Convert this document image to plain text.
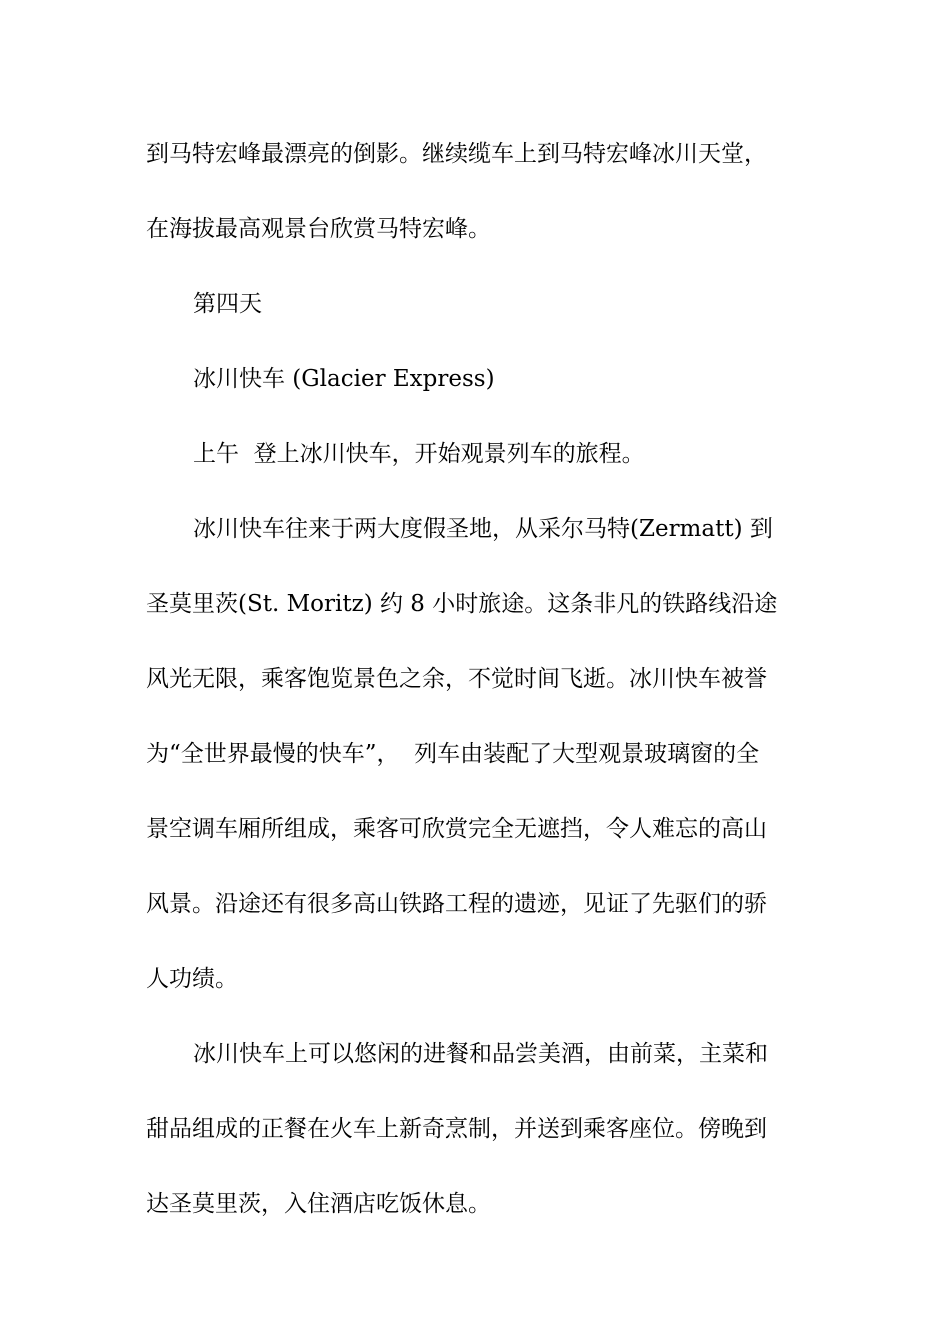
到马特宏峰最漂亮的倒影。继续缆车上到马特宏峰冰川天堂，
在海拔最高观景台欣赏马特宏峰。
第四天
冰川快车 (Glacier Express)
上午  登上冰川快车，开始观景列车的旅程。
冰川快车往来于两大度假圣地，从采尔马特(Zermatt) 到
圣莫里茨(St. Moritz) 约 8 小时旅途。这条非凡的铁路线沿途
风光无限，乘客饱览景色之余，不觉时间飞逝。冰川快车被誉
为“全世界最慢的快车”，  列车由装配了大型观景玻璃窗的全
景空调车厢所组成，乘客可欣赏完全无遮挡，令人难忘的高山
风景。沿途还有很多高山铁路工程的遗迹，见证了先驱们的骄
人功绩。
冰川快车上可以悠闲的进餐和品尝美酒，由前菜，主菜和
甜品组成的正餐在火车上新奇烹制，并送到乘客座位。傍晚到
达圣莫里茨，入住酒店吃饭休息。
